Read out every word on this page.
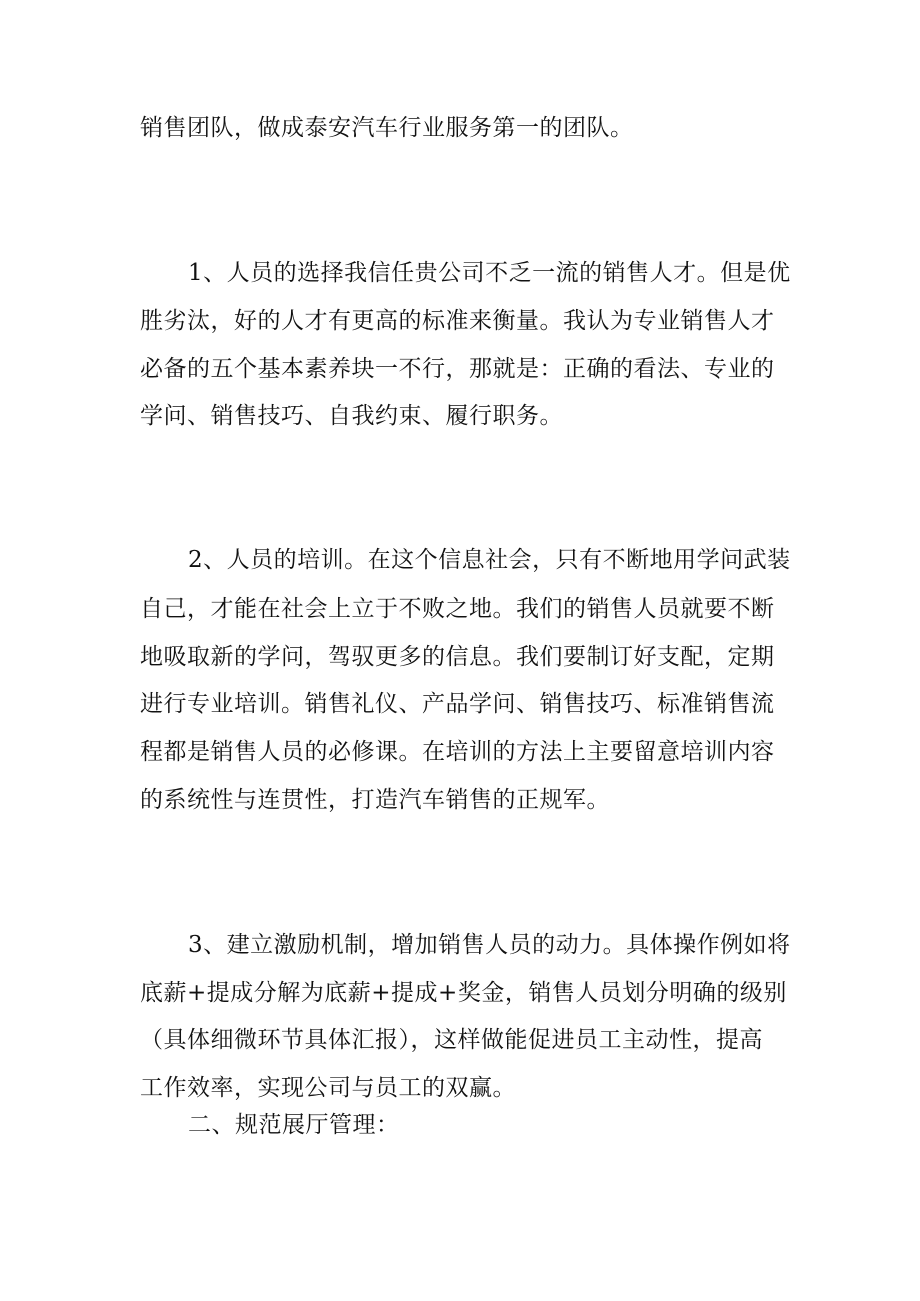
销售团队，做成泰安汽车行业服务第一的团队。
1、人员的选择我信任贵公司不乏一流的销售人才。但是优
胜劣汰，好的人才有更高的标准来衡量。我认为专业销售人才
必备的五个基本素养块一不行，那就是：正确的看法、专业的
学问、销售技巧、自我约束、履行职务。
2、人员的培训。在这个信息社会，只有不断地用学问武装
自己，才能在社会上立于不败之地。我们的销售人员就要不断
地吸取新的学问，驾驭更多的信息。我们要制订好支配，定期
进行专业培训。销售礼仪、产品学问、销售技巧、标准销售流
程都是销售人员的必修课。在培训的方法上主要留意培训内容
的系统性与连贯性，打造汽车销售的正规军。
3、建立激励机制，增加销售人员的动力。具体操作例如将
底薪+提成分解为底薪+提成+奖金，销售人员划分明确的级别
（具体细微环节具体汇报），这样做能促进员工主动性，提高
工作效率，实现公司与员工的双赢。
二、规范展厅管理：
